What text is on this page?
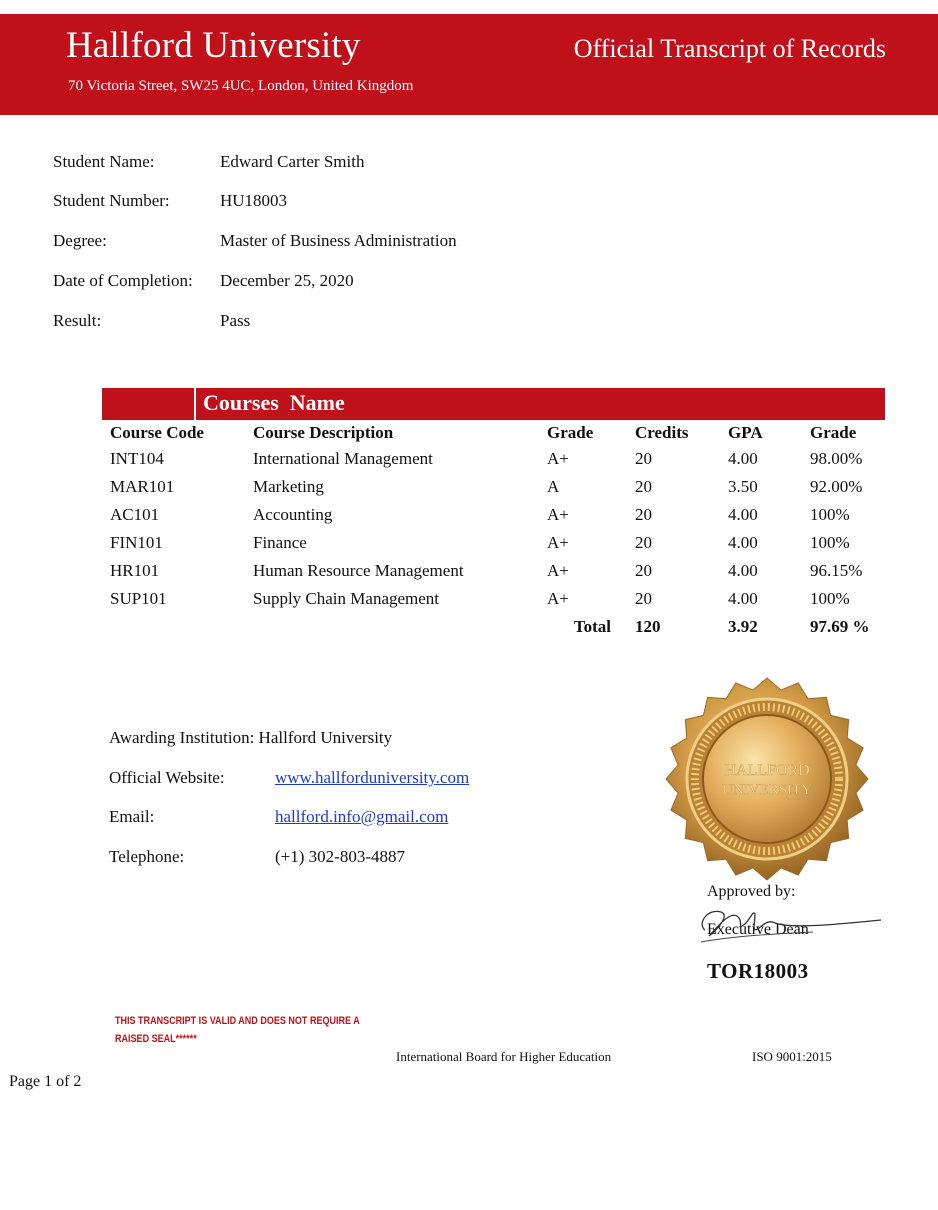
Hallford University
70 Victoria Street, SW25 4UC, London, United Kingdom
Official Transcript of Records
Student Name:	Edward Carter Smith
Student Number:	HU18003
Degree:	Master of Business Administration
Date of Completion: December 25, 2020
Result:	Pass
Courses  Name
Course Code	Course Description	Grade	Credits	GPA	Grade
INT104	International Management	A+	20	4.00	98.00%
MAR101	Marketing	A	20	3.50	92.00%
AC101	Accounting	A+	20	4.00	100%
FIN101	Finance	A+	20	4.00	100%
HR101	Human Resource Management	A+	20	4.00	96.15%
SUP101	Supply Chain Management	A+	20	4.00	100%
Total			120	3.92	97.69 %
Awarding Institution: Hallford University
Official Website:	www.hallforduniversity.com
Email:	hallford.info@gmail.com
Telephone:	(+1) 302-803-4887
HALLFORD
UNIVERSITY
Approved by:
Executive Dean
TOR18003
THIS TRANSCRIPT IS VALID AND DOES NOT REQUIRE A RAISED SEAL******
International Board for Higher Education	ISO 9001:2015
Page 1 of 2
